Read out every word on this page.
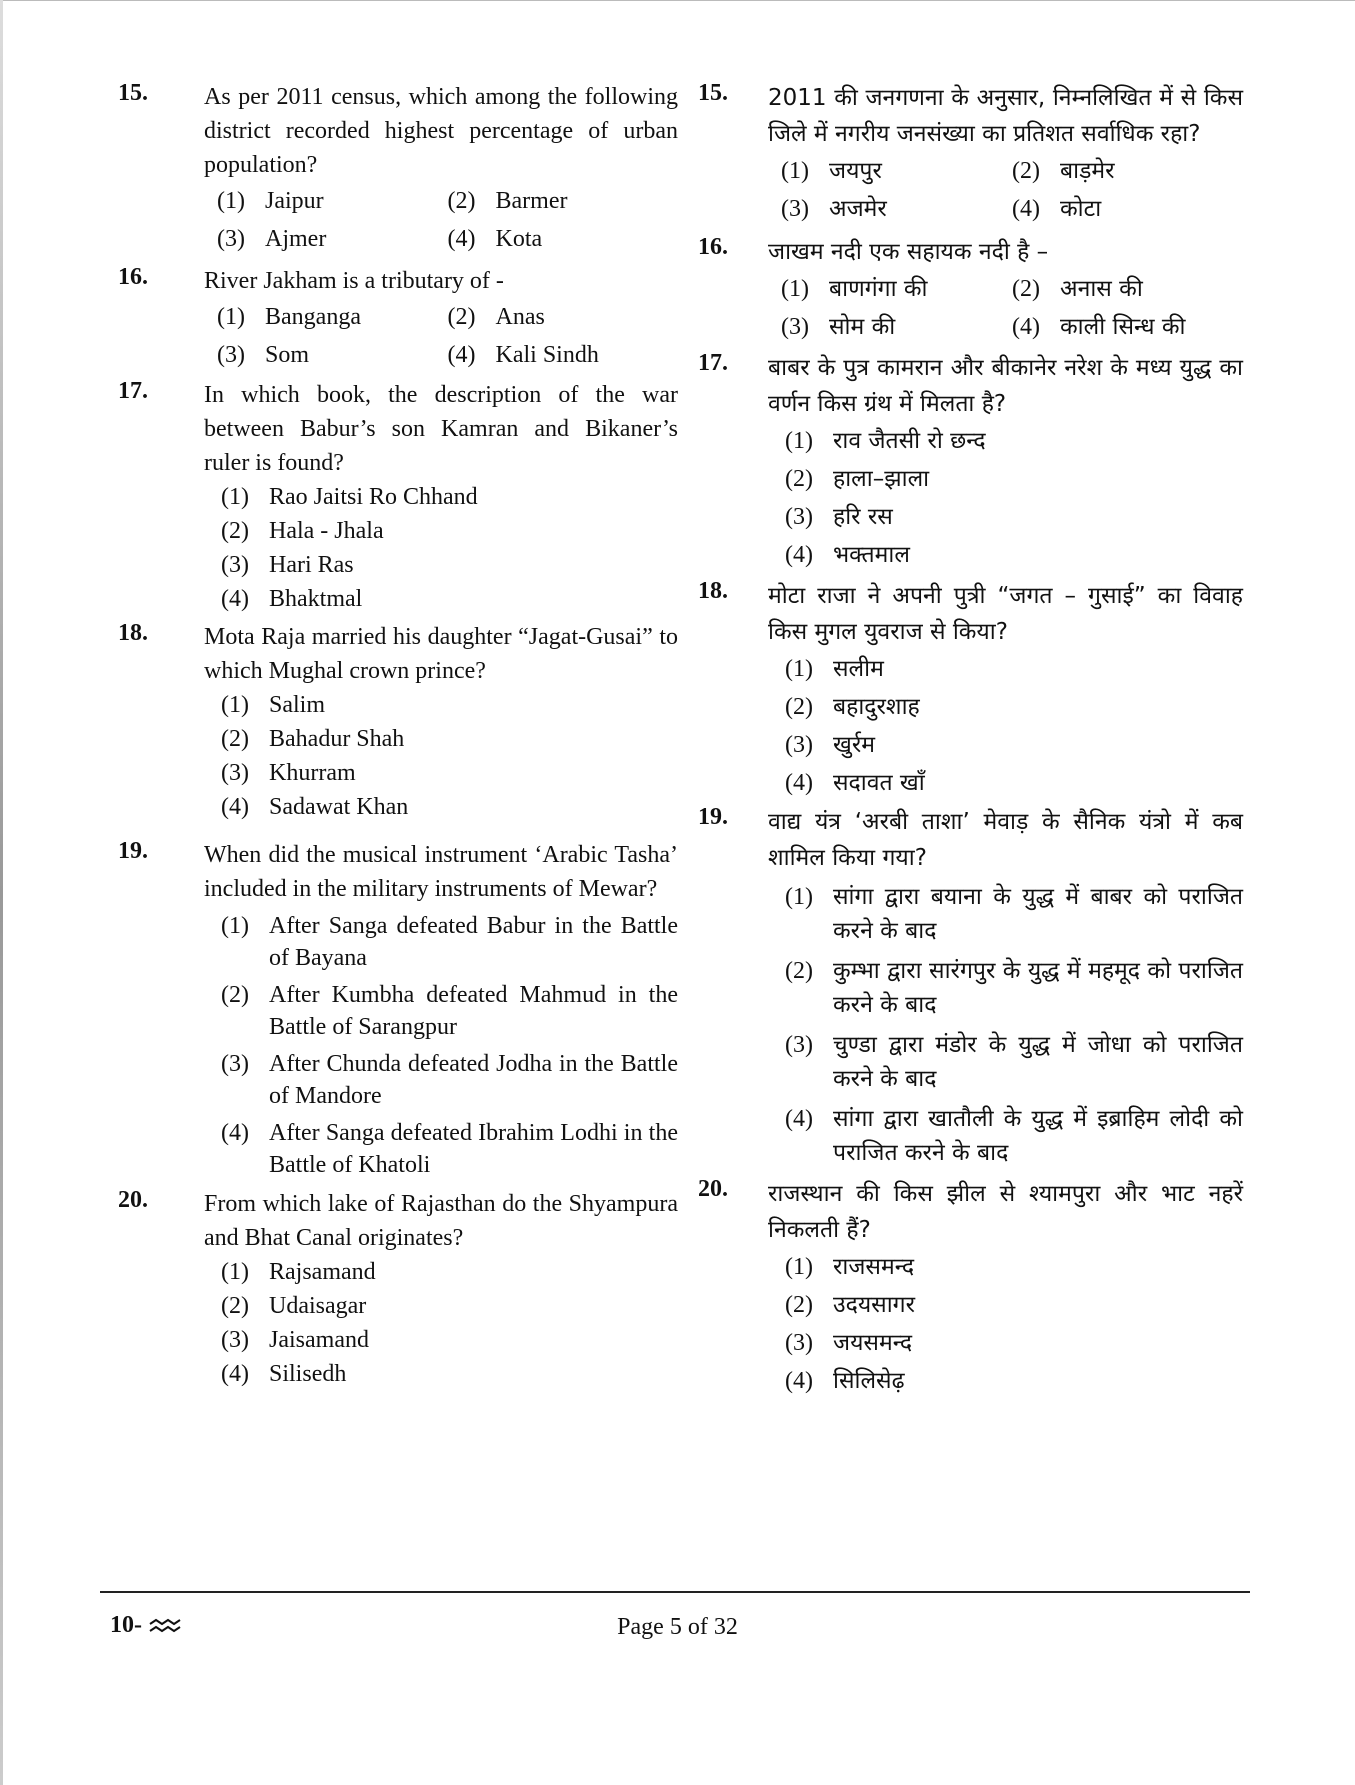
15. As per 2011 census, which among the following district recorded highest percentage of urban population?
(1) Jaipur	(2) Barmer
(3) Ajmer	(4) Kota
16. River Jakham is a tributary of -
(1) Banganga	(2) Anas
(3) Som	(4) Kali Sindh
17. In which book, the description of the war between Babur’s son Kamran and Bikaner’s ruler is found?
(1) Rao Jaitsi Ro Chhand
(2) Hala - Jhala
(3) Hari Ras
(4) Bhaktmal
18. Mota Raja married his daughter “Jagat-Gusai” to which Mughal crown prince?
(1) Salim
(2) Bahadur Shah
(3) Khurram
(4) Sadawat Khan
19. When did the musical instrument ‘Arabic Tasha’ included in the military instruments of Mewar?
(1) After Sanga defeated Babur in the Battle of Bayana
(2) After Kumbha defeated Mahmud in the Battle of Sarangpur
(3) After Chunda defeated Jodha in the Battle of Mandore
(4) After Sanga defeated Ibrahim Lodhi in the Battle of Khatoli
20. From which lake of Rajasthan do the Shyampura and Bhat Canal originates?
(1) Rajsamand
(2) Udaisagar
(3) Jaisamand
(4) Silisedh
15. 2011 की जनगणना के अनुसार, निम्नलिखित में से किस जिले में नगरीय जनसंख्या का प्रतिशत सर्वाधिक रहा?
(1) जयपुर	(2) बाड़मेर
(3) अजमेर	(4) कोटा
16. जाखम नदी एक सहायक नदी है –
(1) बाणगंगा की	(2) अनास की
(3) सोम की	(4) काली सिन्ध की
17. बाबर के पुत्र कामरान और बीकानेर नरेश के मध्य युद्ध का वर्णन किस ग्रंथ में मिलता है?
(1) राव जैतसी रो छन्द
(2) हाला–झाला
(3) हरि रस
(4) भक्तमाल
18. मोटा राजा ने अपनी पुत्री “जगत – गुसाई” का विवाह किस मुगल युवराज से किया?
(1) सलीम
(2) बहादुरशाह
(3) खुर्रम
(4) सदावत खाँ
19. वाद्य यंत्र ‘अरबी ताशा’ मेवाड़ के सैनिक यंत्रो में कब शामिल किया गया?
(1) सांगा द्वारा बयाना के युद्ध में बाबर को पराजित करने के बाद
(2) कुम्भा द्वारा सारंगपुर के युद्ध में महमूद को पराजित करने के बाद
(3) चुण्डा द्वारा मंडोर के युद्ध में जोधा को पराजित करने के बाद
(4) सांगा द्वारा खातौली के युद्ध में इब्राहिम लोदी को पराजित करने के बाद
20. राजस्थान की किस झील से श्यामपुरा और भाट नहरें निकलती हैं?
(1) राजसमन्द
(2) उदयसागर
(3) जयसमन्द
(4) सिलिसेढ़
10-	Page 5 of 32
